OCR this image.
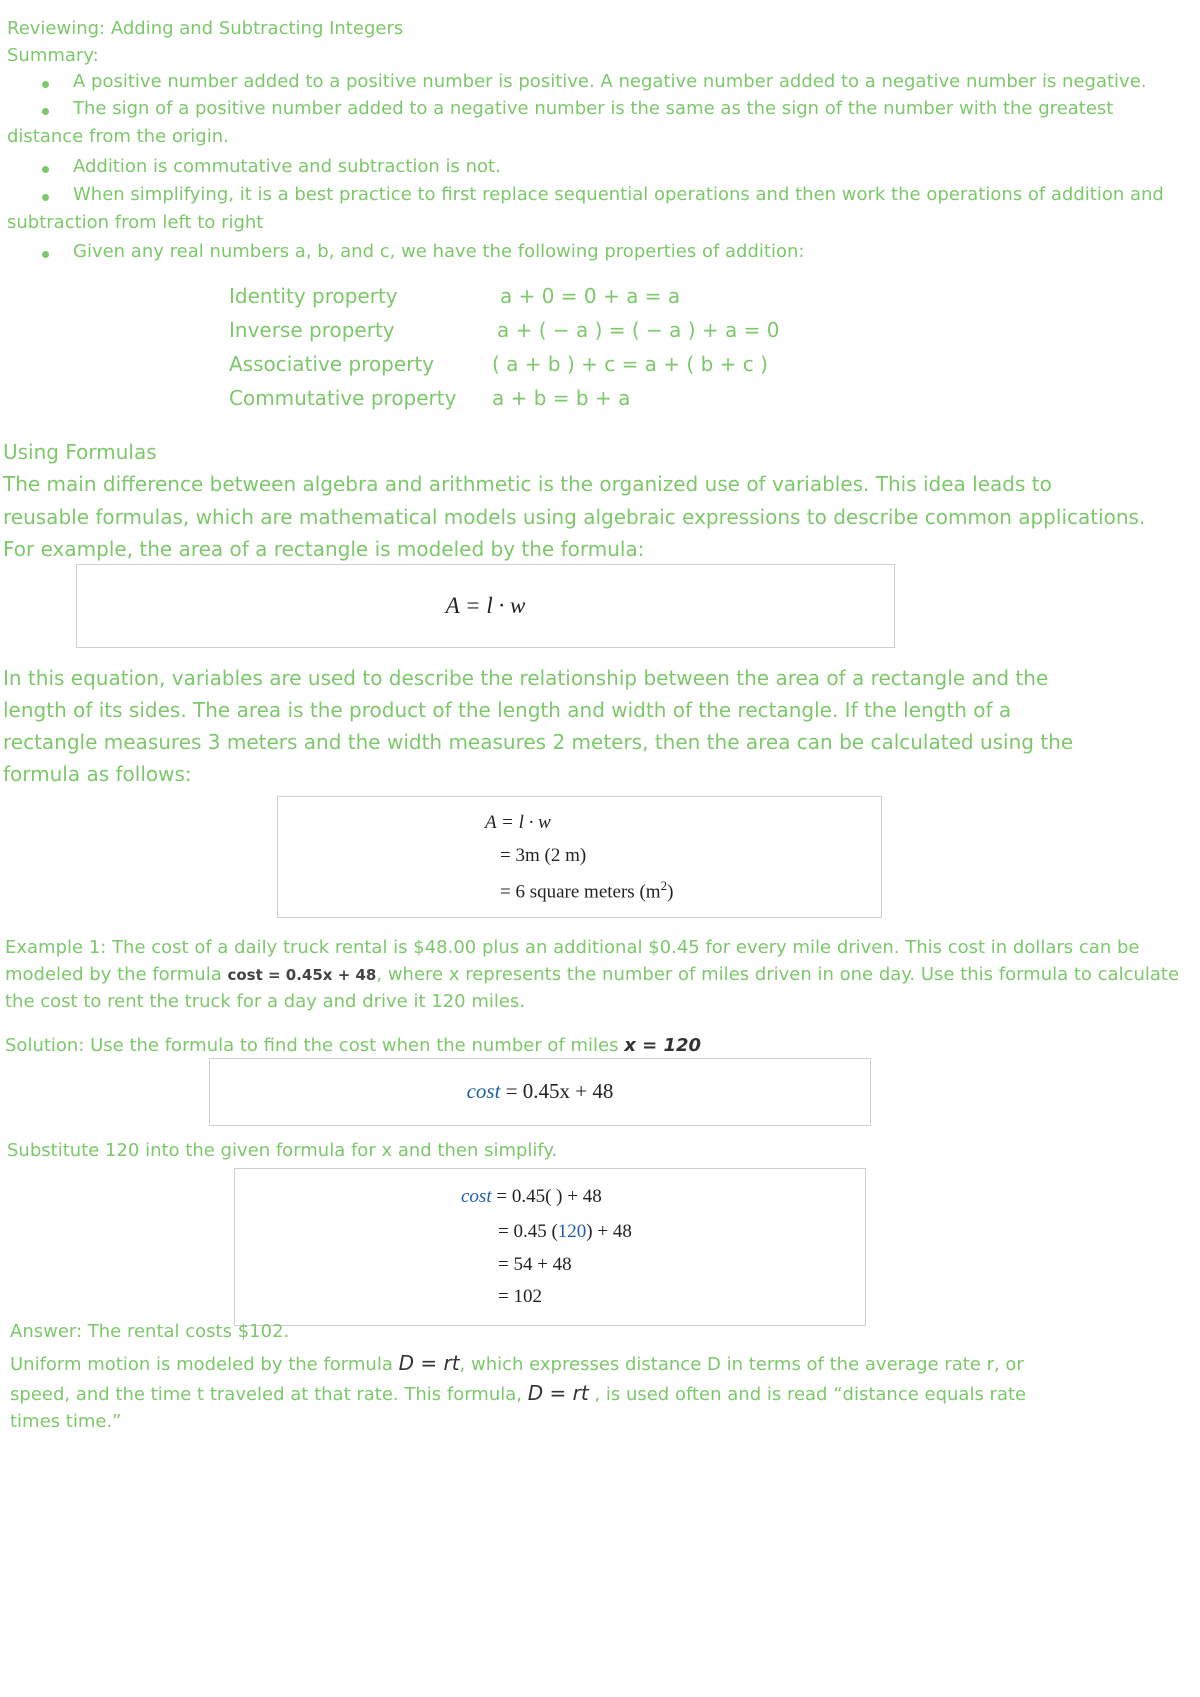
Reviewing: Adding and Subtracting Integers
Summary:
A positive number added to a positive number is positive. A negative number added to a negative number is negative.
The sign of a positive number added to a negative number is the same as the sign of the number with the greatest
distance from the origin.
Addition is commutative and subtraction is not.
When simplifying, it is a best practice to first replace sequential operations and then work the operations of addition and
subtraction from left to right
Given any real numbers a, b, and c, we have the following properties of addition:
Identity property	a + 0 = 0 + a = a
Inverse property	a + ( − a ) = ( − a ) + a = 0
Associative property	( a + b ) + c = a + ( b + c )
Commutative property a + b = b + a
Using Formulas
The main difference between algebra and arithmetic is the organized use of variables. This idea leads to
reusable formulas, which are mathematical models using algebraic expressions to describe common applications.
For example, the area of a rectangle is modeled by the formula:
A = l · w
In this equation, variables are used to describe the relationship between the area of a rectangle and the
length of its sides. The area is the product of the length and width of the rectangle. If the length of a
rectangle measures 3 meters and the width measures 2 meters, then the area can be calculated using the
formula as follows:
A = l · w
= 3m (2 m)
= 6 square meters $(m^2)$
Example 1: The cost of a daily truck rental is $48.00 plus an additional $0.45 for every mile driven. This cost in dollars can be
modeled by the formula cost = 0.45x + 48, where x represents the number of miles driven in one day. Use this formula to calculate
the cost to rent the truck for a day and drive it 120 miles.
Solution: Use the formula to find the cost when the number of miles x = 120
cost = 0.45x + 48
Substitute 120 into the given formula for x and then simplify.
cost = 0.45( ) + 48
= 0.45 (120) + 48
= 54 + 48
= 102
Answer: The rental costs $102.
Uniform motion is modeled by the formula D = rt, which expresses distance D in terms of the average rate r, or
speed, and the time t traveled at that rate. This formula, D = rt , is used often and is read “distance equals rate
times time.”
